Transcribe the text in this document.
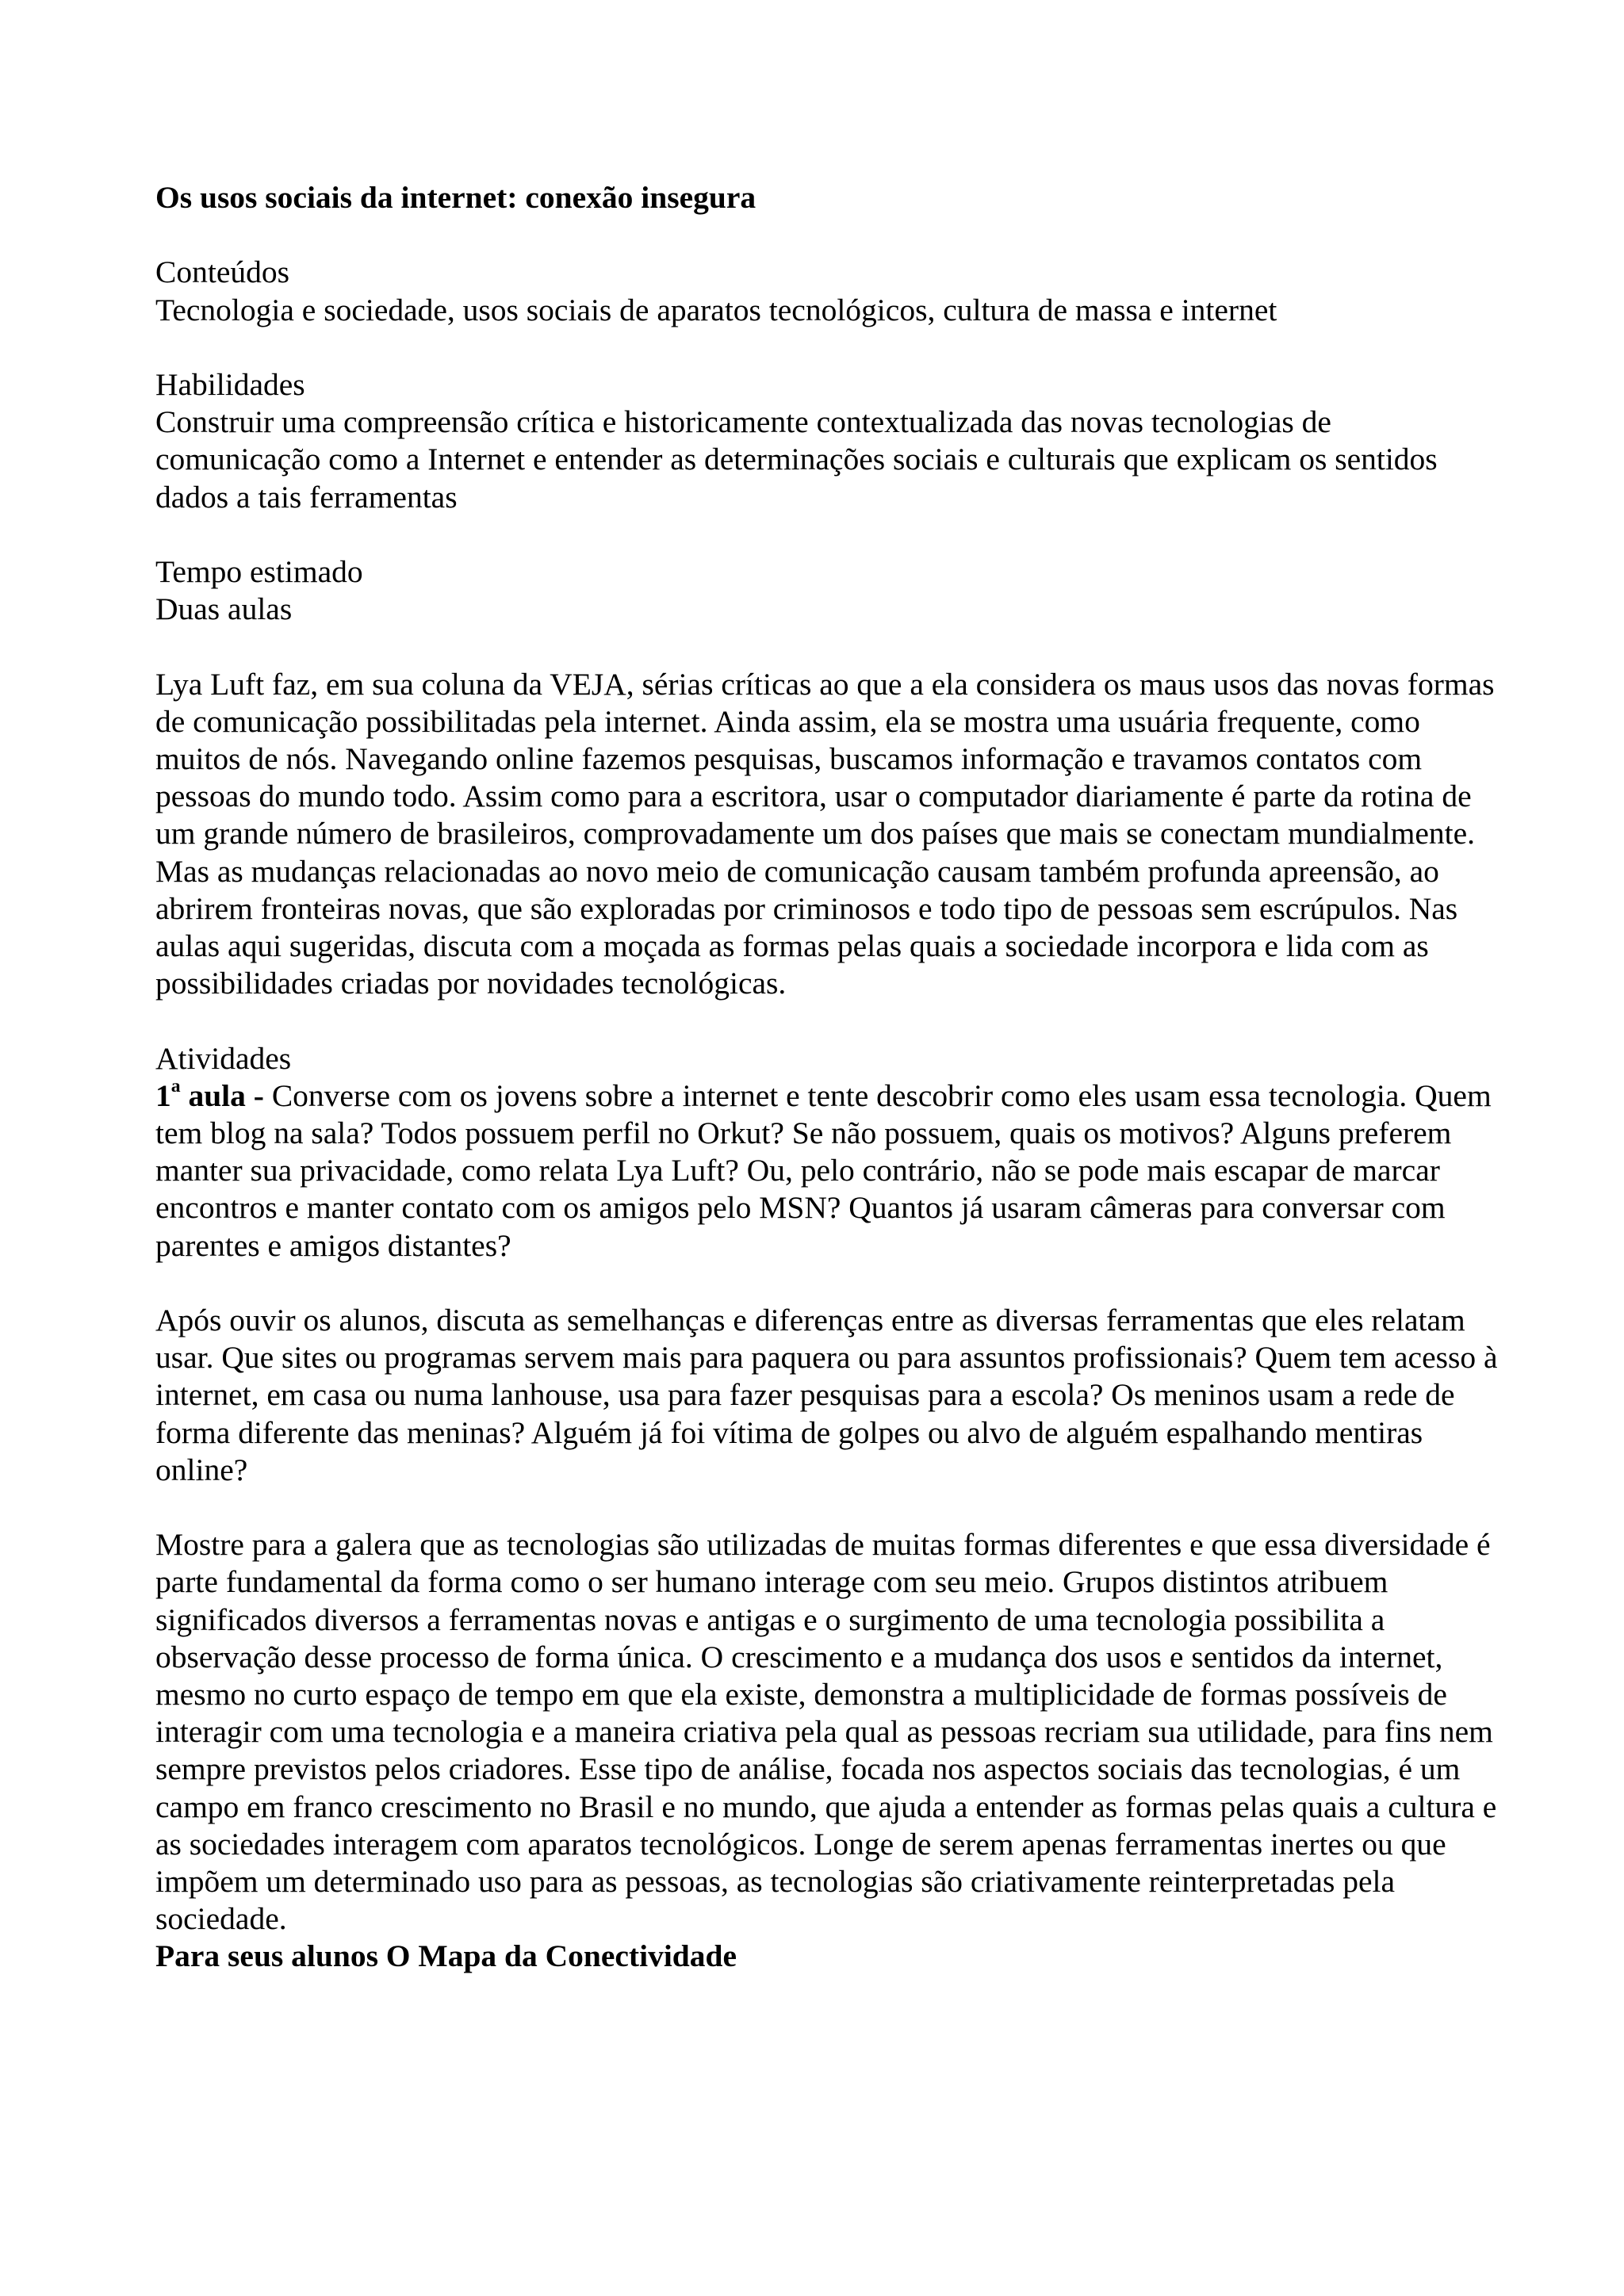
Os usos sociais da internet: conexão insegura

Conteúdos

Tecnologia e sociedade, usos sociais de aparatos tecnológicos, cultura de massa e internet

Habilidades

Construir uma compreensão crítica e historicamente contextualizada das novas tecnologias de comunicação como a Internet e entender as determinações sociais e culturais que explicam os sentidos dados a tais ferramentas

Tempo estimado

Duas aulas

Lya Luft faz, em sua coluna da VEJA, sérias críticas ao que a ela considera os maus usos das novas formas de comunicação possibilitadas pela internet. Ainda assim, ela se mostra uma usuária frequente, como muitos de nós. Navegando online fazemos pesquisas, buscamos informação e travamos contatos com pessoas do mundo todo. Assim como para a escritora, usar o computador diariamente é parte da rotina de um grande número de brasileiros, comprovadamente um dos países que mais se conectam mundialmente. Mas as mudanças relacionadas ao novo meio de comunicação causam também profunda apreensão, ao abrirem fronteiras novas, que são exploradas por criminosos e todo tipo de pessoas sem escrúpulos. Nas aulas aqui sugeridas, discuta com a moçada as formas pelas quais a sociedade incorpora e lida com as possibilidades criadas por novidades tecnológicas.

Atividades

1$^a$ aula - Converse com os jovens sobre a internet e tente descobrir como eles usam essa tecnologia. Quem tem blog na sala? Todos possuem perfil no Orkut? Se não possuem, quais os motivos? Alguns preferem manter sua privacidade, como relata Lya Luft? Ou, pelo contrário, não se pode mais escapar de marcar encontros e manter contato com os amigos pelo MSN? Quantos já usaram câmeras para conversar com parentes e amigos distantes?

Após ouvir os alunos, discuta as semelhanças e diferenças entre as diversas ferramentas que eles relatam usar. Que sites ou programas servem mais para paquera ou para assuntos profissionais? Quem tem acesso à internet, em casa ou numa lanhouse, usa para fazer pesquisas para a escola? Os meninos usam a rede de forma diferente das meninas? Alguém já foi vítima de golpes ou alvo de alguém espalhando mentiras online?

Mostre para a galera que as tecnologias são utilizadas de muitas formas diferentes e que essa diversidade é parte fundamental da forma como o ser humano interage com seu meio. Grupos distintos atribuem significados diversos a ferramentas novas e antigas e o surgimento de uma tecnologia possibilita a observação desse processo de forma única. O crescimento e a mudança dos usos e sentidos da internet, mesmo no curto espaço de tempo em que ela existe, demonstra a multiplicidade de formas possíveis de interagir com uma tecnologia e a maneira criativa pela qual as pessoas recriam sua utilidade, para fins nem sempre previstos pelos criadores. Esse tipo de análise, focada nos aspectos sociais das tecnologias, é um campo em franco crescimento no Brasil e no mundo, que ajuda a entender as formas pelas quais a cultura e as sociedades interagem com aparatos tecnológicos. Longe de serem apenas ferramentas inertes ou que impõem um determinado uso para as pessoas, as tecnologias são criativamente reinterpretadas pela sociedade.

Para seus alunos O Mapa da Conectividade
